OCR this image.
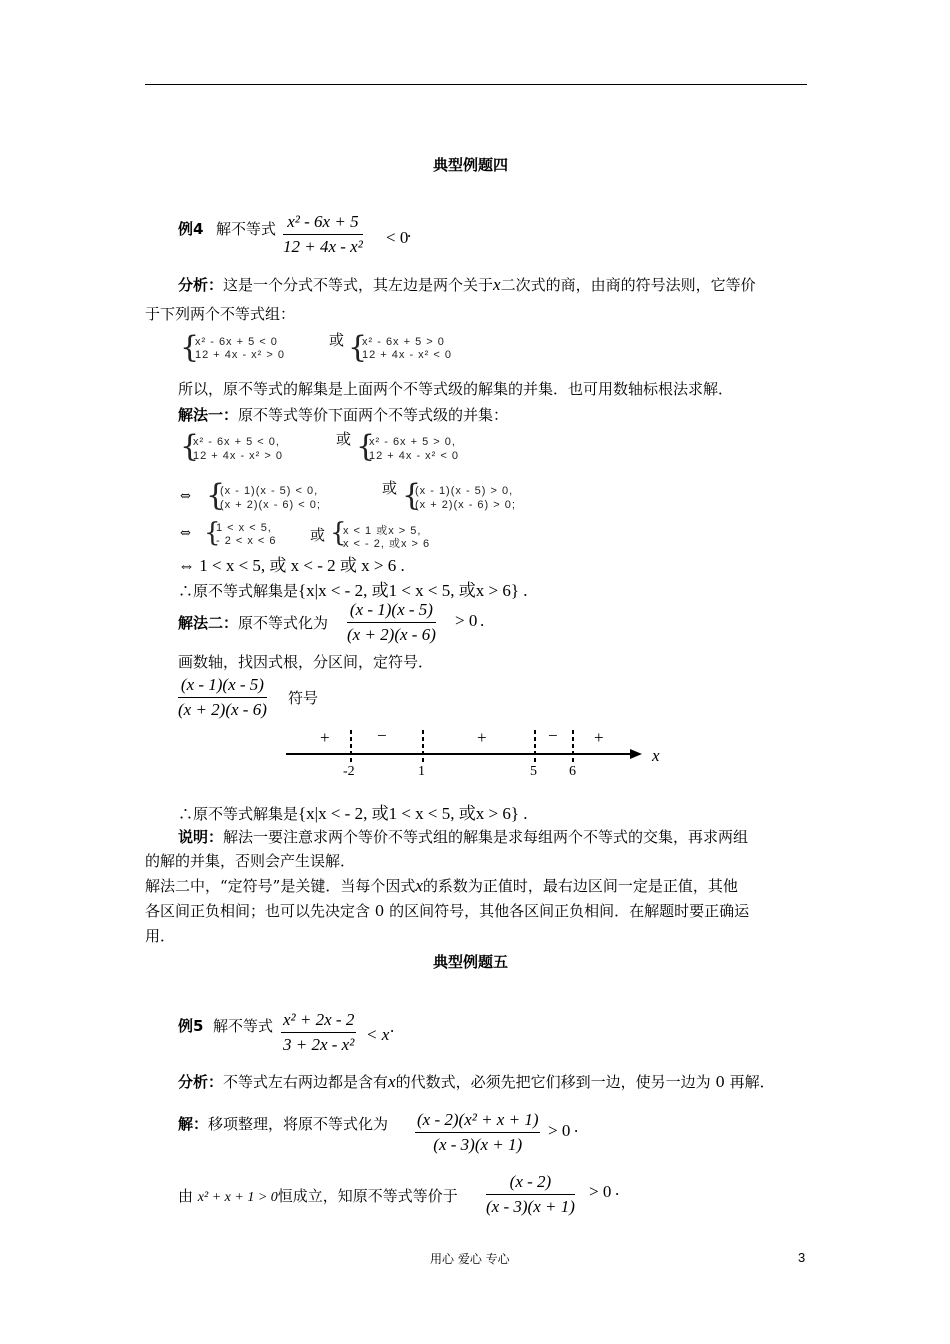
典型例题四
例4 解不等式 $\frac{\text{x² - 6x + 5}}{\text{12 + 4x - x²}} < 0$
.
分析：这是一个分式不等式，其左边是两个关于x二次式的商，由商的符号法则，它等价
于下列两个不等式组：
{
x² - 6x + 5 < 0
12 + 4x - x² > 0
或 {
x² - 6x + 5 > 0
12 + 4x - x² < 0
所以，原不等式的解集是上面两个不等式级的解集的并集．也可用数轴标根法求解．
解法一：原不等式等价下面两个不等式级的并集：
{
x² - 6x + 5 < 0,
12 + 4x - x² > 0
或 {
x² - 6x + 5 > 0,
12 + 4x - x² < 0
⇔ {
(x - 1)(x - 5) < 0,
(x + 2)(x - 6) < 0;
或 {
(x - 1)(x - 5) > 0,
(x + 2)(x - 6) > 0;
⇔ {
1 < x < 5,
- 2 < x < 6 或 {
x < 1 或x > 5,
x < - 2, 或x > 6
⇔ 1 < x < 5, 或 x < - 2 或 x > 6 .
∴原不等式解集是{x|x < - 2, 或1 < x < 5, 或x > 6} .
解法二：原不等式化为 $\frac{(x - 1)(x - 5)}{(x + 2)(x - 6)} > 0$ .
画数轴，找因式根，分区间，定符号．
$\frac{(x - 1)(x - 5)}{(x + 2)(x - 6)}$ 符号
+	−	+	− +
x
-2	1	5 6
∴原不等式解集是{x|x < - 2, 或1 < x < 5, 或x > 6} .
说明：解法一要注意求两个等价不等式组的解集是求每组两个不等式的交集，再求两组
的解的并集，否则会产生误解．
解法二中，“定符号”是关键．当每个因式x的系数为正值时，最右边区间一定是正值，其他
各区间正负相间；也可以先决定含 0 的区间符号，其他各区间正负相间．在解题时要正确运
用．
典型例题五
例5 解不等式 $\frac{\text{x² + 2x - 2}}{\text{3 + 2x - x²}} < x$ .
分析：不等式左右两边都是含有x的代数式，必须先把它们移到一边，使另一边为 0 再解．
解：移项整理，将原不等式化为 $\frac{\text{(x - 2)(x² + x + 1)}}{(x - 3)(x + 1)} > 0$ .
由 x² + x + 1 > 0恒成立，知原不等式等价于 $\frac{(x - 2)}{(x - 3)(x + 1)} > 0$ .
用心 爱心 专心	3
